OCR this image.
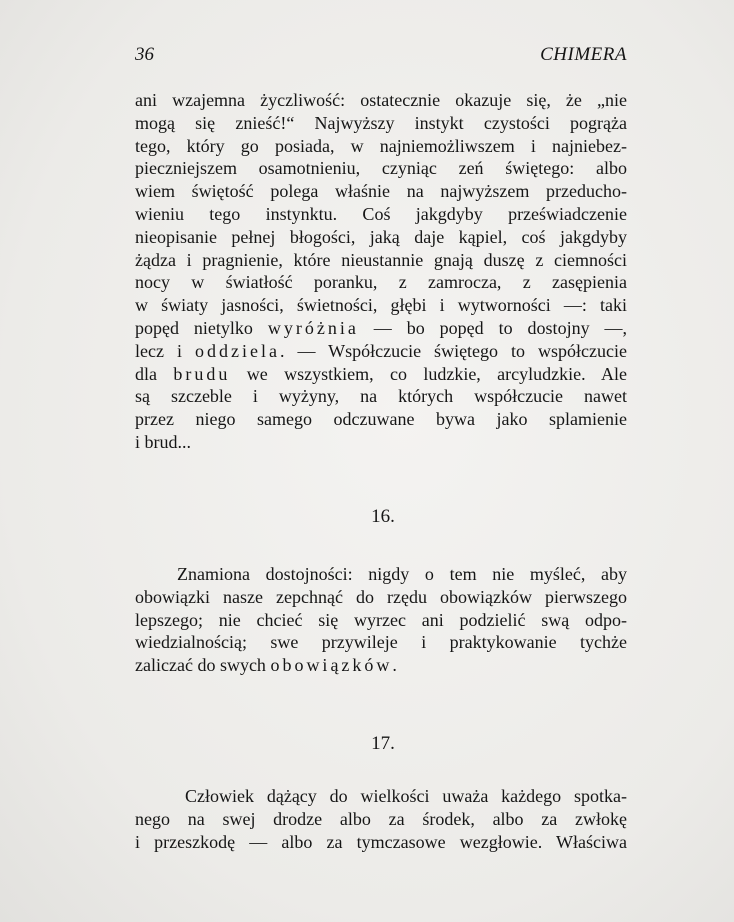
36	CHIMERA
ani wzajemna życzliwość: ostatecznie okazuje się, że „nie
mogą się znieść!“ Najwyższy instykt czystości pogrąża
tego, który go posiada, w najniemożliwszem i najniebez-
pieczniejszem osamotnieniu, czyniąc zeń świętego: albo
wiem świętość polega właśnie na najwyższem przeducho-
wieniu tego instynktu. Coś jakgdyby przeświadczenie
nieopisanie pełnej błogości, jaką daje kąpiel, coś jakgdyby
żądza i pragnienie, które nieustannie gnają duszę z ciemności
nocy w światłość poranku, z zamrocza, z zasępienia
w światy jasności, świetności, głębi i wytworności —: taki
popęd nietylko wyróżnia — bo popęd to dostojny —,
lecz i oddziela. — Współczucie świętego to współczucie
dla brudu we wszystkiem, co ludzkie, arcyludzkie. Ale
są szczeble i wyżyny, na których współczucie nawet
przez niego samego odczuwane bywa jako splamienie
i brud...
16.
Znamiona dostojności: nigdy o tem nie myśleć, aby
obowiązki nasze zepchnąć do rzędu obowiązków pierwszego
lepszego; nie chcieć się wyrzec ani podzielić swą odpo-
wiedzialnością; swe przywileje i praktykowanie tychże
zaliczać do swych obowiązków.
17.
Człowiek dążący do wielkości uważa każdego spotka-
nego na swej drodze albo za środek, albo za zwłokę
i przeszkodę — albo za tymczasowe wezgłowie. Właściwa
